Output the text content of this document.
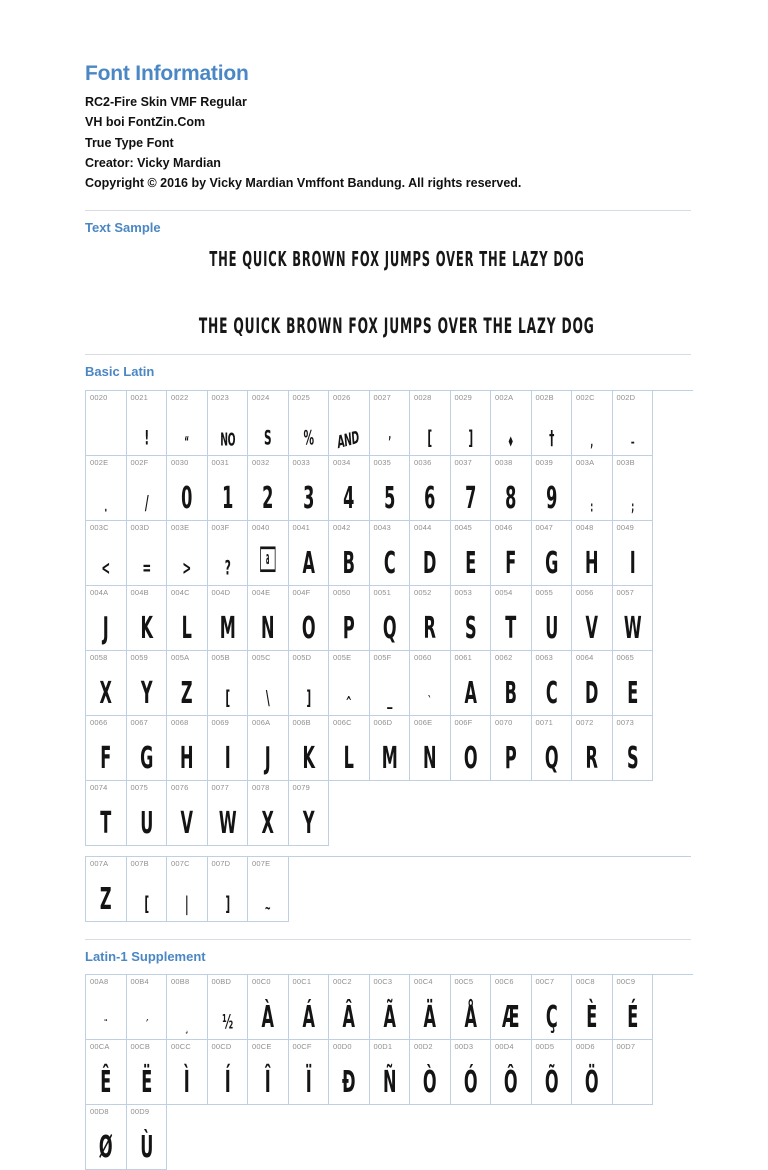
Font Information
RC2-Fire Skin VMF Regular
VH boi FontZin.Com
True Type Font
Creator: Vicky Mardian
Copyright © 2016 by Vicky Mardian Vmffont Bandung. All rights reserved.
Text Sample
THE QUICK BROWN FOX JUMPS OVER THE LAZY DOG
THE QUICK BROWN FOX JUMPS OVER THE LAZY DOG
Basic Latin
0020	0021
!
0022
“
0023
NO
0024
S
0025
%
0026
AND
0027
’
0028
[
0029
]
002A
♦
002B
†
002C
,
002D
–
002E
.
002F
/
0030
0
0031
1
0032
2
0033
3
0034
4
0035
5
0036
6
0037
7
0038
8
0039
9
003A
:
003B
;
003C
<
003D
=
003E
>
003F
?
0040
a
0041
A
0042
B
0043
C
0044
D
0045
E
0046
F
0047
G
0048
H
0049
I
004A
J
004B
K
004C
L
004D
M
004E
N
004F
O
0050
P
0051
Q
0052
R
0053
S
0054
T
0055
U
0056
V
0057
W
0058
X
0059
Y
005A
Z
005B
[
005C
\
005D
]
005E
^
005F
_
0060
`
0061
A
0062
B
0063
C
0064
D
0065
E
0066
F
0067
G
0068
H
0069
I
006A
J
006B
K
006C
L
006D
M
006E
N
006F
O
0070
P
0071
Q
0072
R
0073
S
0074
T
0075
U
0076
V
0077
W
0078
X
0079
Y
007A
Z
007B
[
007C
|
007D
]
007E
~
Latin-1 Supplement
00A8
¨
00B4
´
00B8
¸
00BD
½
00C0
À
00C1
Á
00C2
Â
00C3
Ã
00C4
Ä
00C5
Å
00C6
Æ
00C7
Ç
00C8
È
00C9
É
00CA
Ê
00CB
Ë
00CC
Ì
00CD
Í
00CE
Î
00CF
Ï
00D0
Ð
00D1
Ñ
00D2
Ò
00D3
Ó
00D4
Ô
00D5
Õ
00D6
Ö
00D7
00D8
Ø
00D9
Ù
